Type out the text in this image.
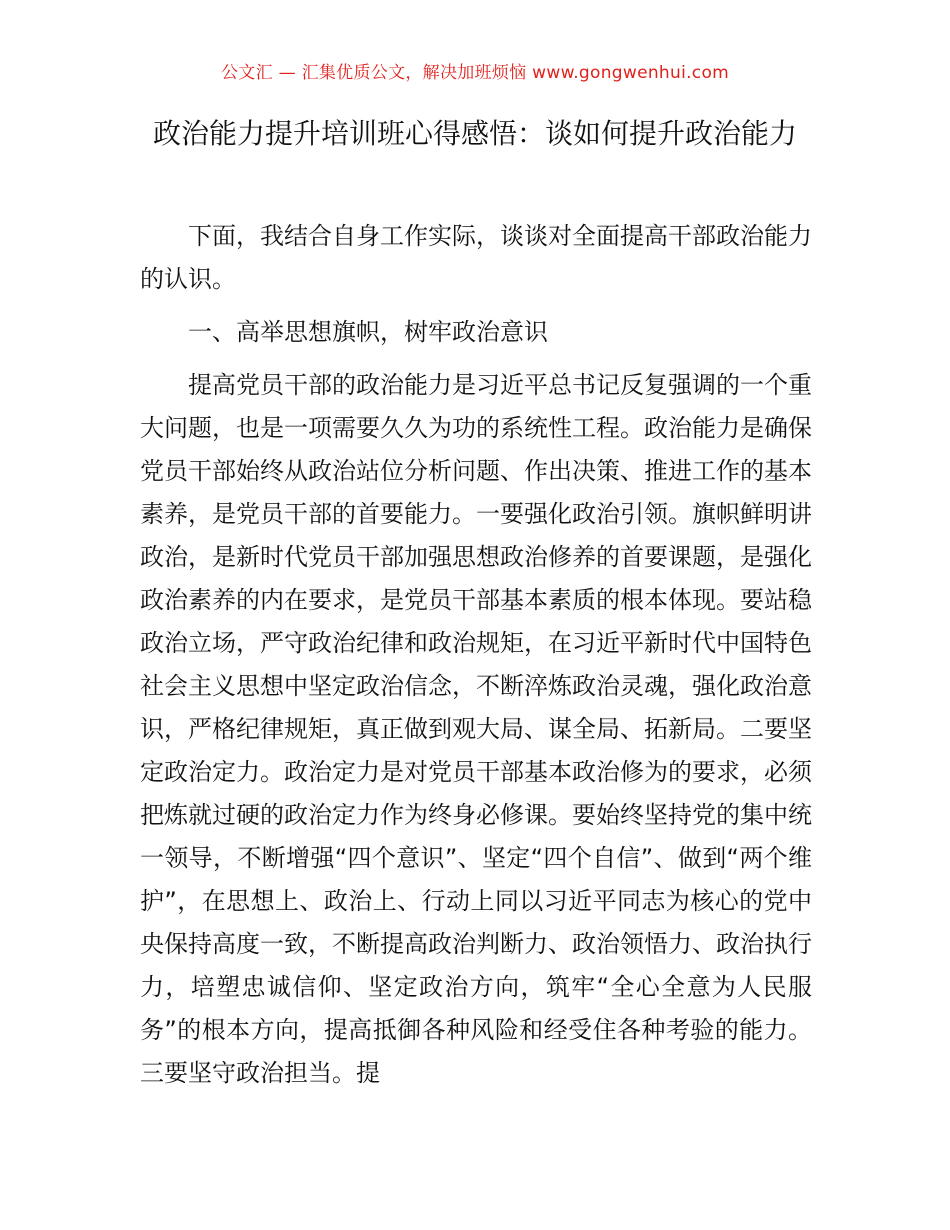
公文汇 — 汇集优质公文，解决加班烦恼 www.gongwenhui.com
政治能力提升培训班心得感悟：谈如何提升政治能力

下面，我结合自身工作实际，谈谈对全面提高干部政治能力的认识。

一、高举思想旗帜，树牢政治意识

提高党员干部的政治能力是习近平总书记反复强调的一个重大问题，也是一项需要久久为功的系统性工程。政治能力是确保党员干部始终从政治站位分析问题、作出决策、推进工作的基本素养，是党员干部的首要能力。一要强化政治引领。旗帜鲜明讲政治，是新时代党员干部加强思想政治修养的首要课题，是强化政治素养的内在要求，是党员干部基本素质的根本体现。要站稳政治立场，严守政治纪律和政治规矩，在习近平新时代中国特色社会主义思想中坚定政治信念，不断淬炼政治灵魂，强化政治意识，严格纪律规矩，真正做到观大局、谋全局、拓新局。二要坚定政治定力。政治定力是对党员干部基本政治修为的要求，必须把炼就过硬的政治定力作为终身必修课。要始终坚持党的集中统一领导，不断增强“四个意识”、坚定“四个自信”、做到“两个维护”，在思想上、政治上、行动上同以习近平同志为核心的党中央保持高度一致，不断提高政治判断力、政治领悟力、政治执行力，培塑忠诚信仰、坚定政治方向，筑牢“全心全意为人民服务”的根本方向，提高抵御各种风险和经受住各种考验的能力。三要坚守政治担当。提
